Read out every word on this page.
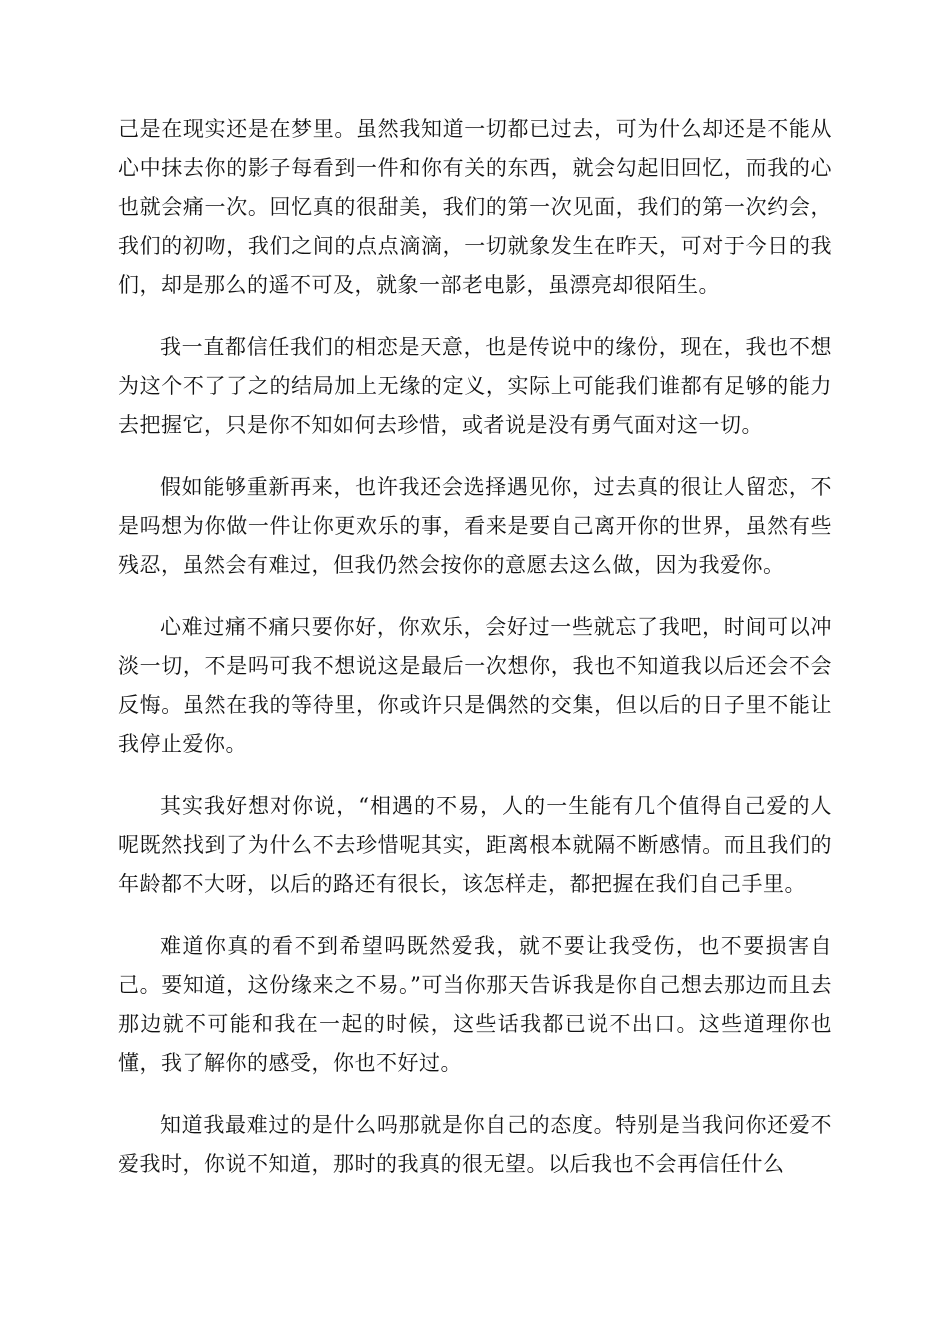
己是在现实还是在梦里。虽然我知道一切都已过去，可为什么却还是不能从心中抹去你的影子每看到一件和你有关的东西，就会勾起旧回忆，而我的心也就会痛一次。回忆真的很甜美，我们的第一次见面，我们的第一次约会，我们的初吻，我们之间的点点滴滴，一切就象发生在昨天，可对于今日的我们，却是那么的遥不可及，就象一部老电影，虽漂亮却很陌生。

我一直都信任我们的相恋是天意，也是传说中的缘份，现在，我也不想为这个不了了之的结局加上无缘的定义，实际上可能我们谁都有足够的能力去把握它，只是你不知如何去珍惜，或者说是没有勇气面对这一切。

假如能够重新再来，也许我还会选择遇见你，过去真的很让人留恋，不是吗想为你做一件让你更欢乐的事，看来是要自己离开你的世界，虽然有些残忍，虽然会有难过，但我仍然会按你的意愿去这么做，因为我爱你。

心难过痛不痛只要你好，你欢乐，会好过一些就忘了我吧，时间可以冲淡一切，不是吗可我不想说这是最后一次想你，我也不知道我以后还会不会反悔。虽然在我的等待里，你或许只是偶然的交集，但以后的日子里不能让我停止爱你。

其实我好想对你说，“相遇的不易，人的一生能有几个值得自己爱的人呢既然找到了为什么不去珍惜呢其实，距离根本就隔不断感情。而且我们的年龄都不大呀，以后的路还有很长，该怎样走，都把握在我们自己手里。

难道你真的看不到希望吗既然爱我，就不要让我受伤，也不要损害自己。要知道，这份缘来之不易。”可当你那天告诉我是你自己想去那边而且去那边就不可能和我在一起的时候，这些话我都已说不出口。这些道理你也懂，我了解你的感受，你也不好过。

知道我最难过的是什么吗那就是你自己的态度。特别是当我问你还爱不爱我时，你说不知道，那时的我真的很无望。以后我也不会再信任什么
